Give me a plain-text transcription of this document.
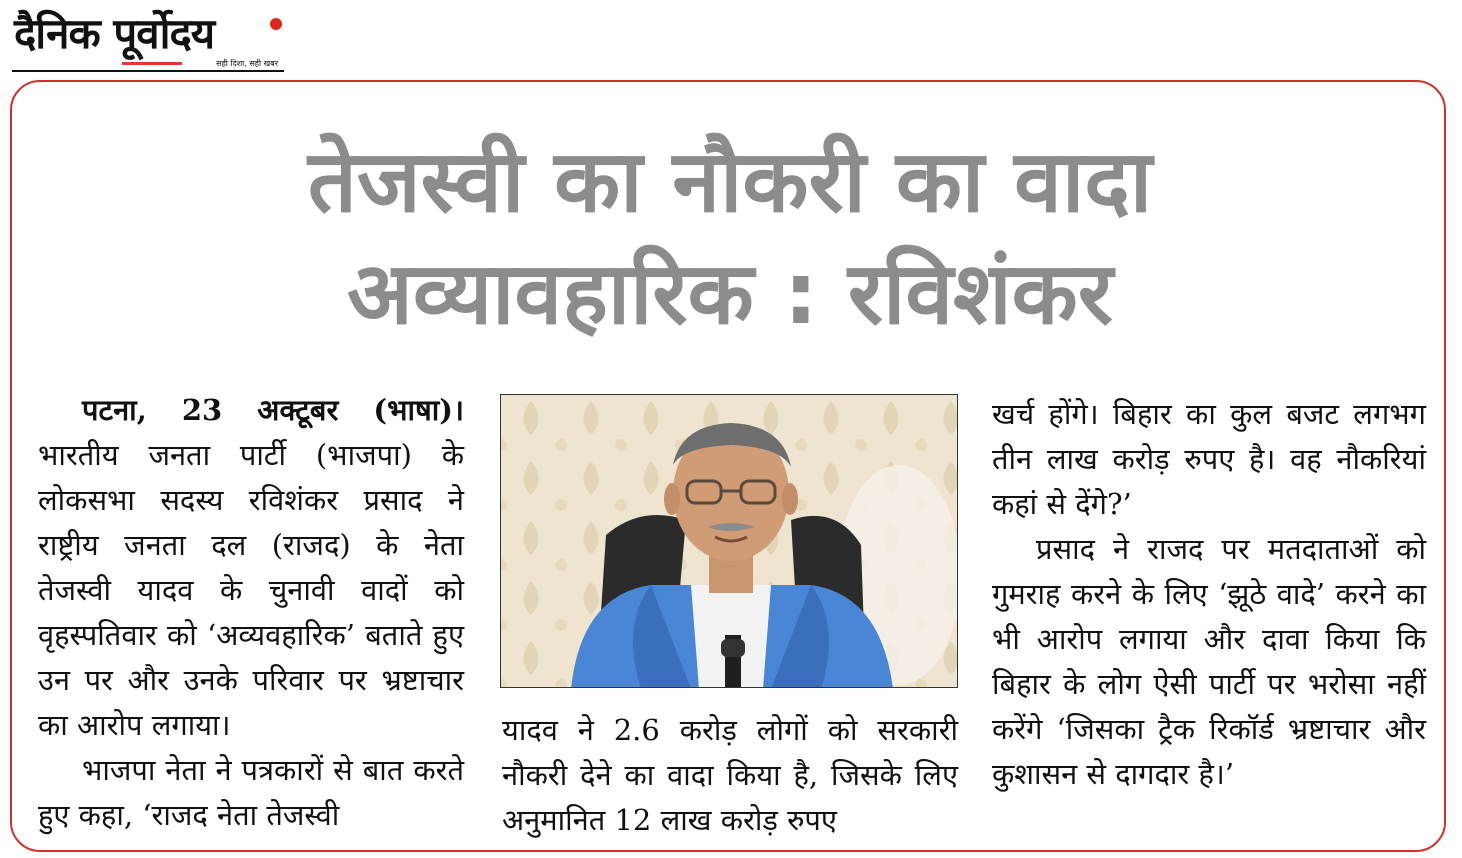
दैनिक पूर्वोदय
सही दिशा, सही खबर
तेजस्वी का नौकरी का वादा
अव्यावहारिक : रविशंकर

पटना, 23 अक्टूबर (भाषा)। भारतीय जनता पार्टी (भाजपा) के लोकसभा सदस्य रविशंकर प्रसाद ने राष्ट्रीय जनता दल (राजद) के नेता तेजस्वी यादव के चुनावी वादों को वृहस्पतिवार को ‘अव्यवहारिक’ बताते हुए उन पर और उनके परिवार पर भ्रष्टाचार का आरोप लगाया।

भाजपा नेता ने पत्रकारों से बात करते हुए कहा, ‘राजद नेता तेजस्वी

यादव ने 2.6 करोड़ लोगों को सरकारी नौकरी देने का वादा किया है, जिसके लिए अनुमानित 12 लाख करोड़ रुपए

खर्च होंगे। बिहार का कुल बजट लगभग तीन लाख करोड़ रुपए है। वह नौकरियां कहां से देंगे?’

प्रसाद ने राजद पर मतदाताओं को गुमराह करने के लिए ‘झूठे वादे’ करने का भी आरोप लगाया और दावा किया कि बिहार के लोग ऐसी पार्टी पर भरोसा नहीं करेंगे ‘जिसका ट्रैक रिकॉर्ड भ्रष्टाचार और कुशासन से दागदार है।’
